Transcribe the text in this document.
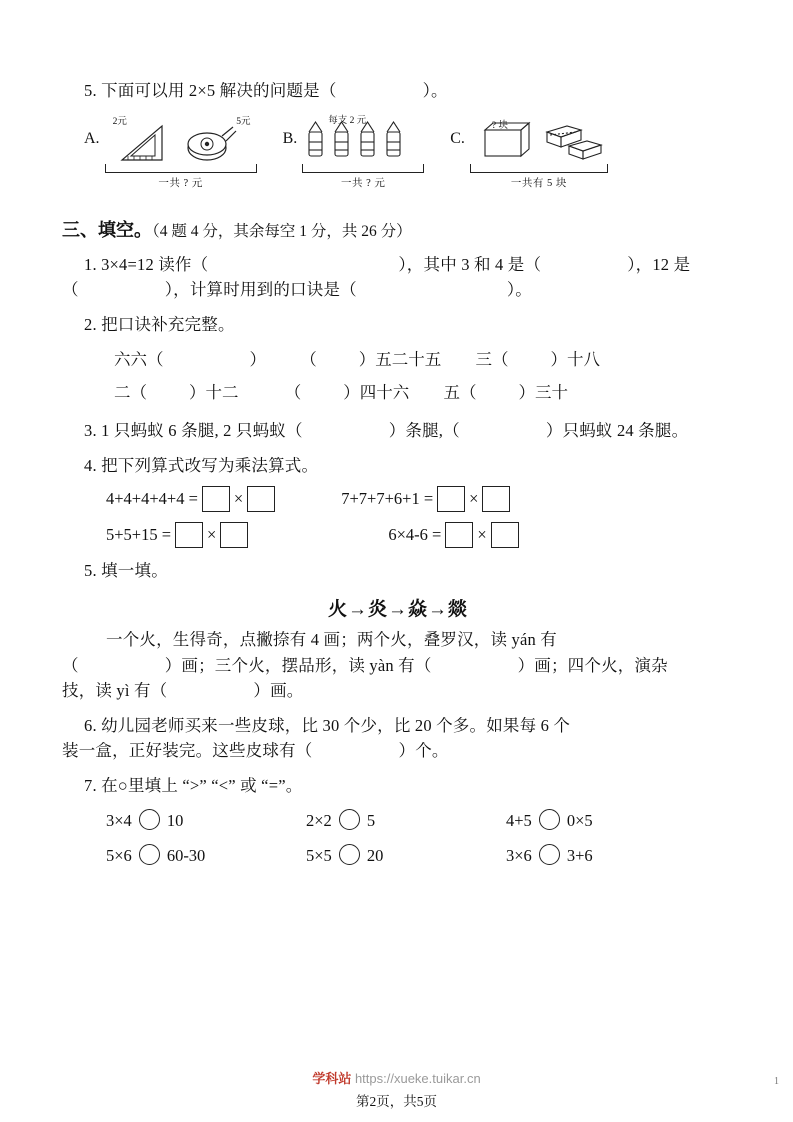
5. 下面可以用 2×5 解决的问题是（	）。
A.
2元	5元
一共 ? 元
B.
每支 2 元
一共 ? 元
C.
? 块
一共有 5 块
三、填空。（4 题 4 分，其余每空 1 分，共 26 分）
1. 3×4=12 读作（	），其中 3 和 4 是（	），12 是
（	），计算时用到的口诀是（	）。
2. 把口诀补充完整。
六六（	） （	）五二十五 三（	）十八
二（	）十二	（	）四十六 五（	）三十
3. 1 只蚂蚁 6 条腿, 2 只蚂蚁（	）条腿,（	）只蚂蚁 24 条腿。
4. 把下列算式改写为乘法算式。
4+4+4+4+4 = ×	7+7+7+6+1 = ×
5+5+15 = ×	6×4-6 = ×
5. 填一填。
火→炎→焱→燚
一个火，生得奇，点撇捺有 4 画；两个火，叠罗汉，读 yán 有
（	）画；三个火，摆品形，读 yàn 有（	）画；四个火，演杂
技，读 yì 有（	）画。
6. 幼儿园老师买来一些皮球，比 30 个少，比 20 个多。如果每 6 个
装一盒，正好装完。这些皮球有（	）个。
7. 在○里填上 “>” “<” 或 “=”。
3×4 10	2×2 5	4+5 0×5
5×6 60-30	5×5 20	3×6 3+6
学科站 https://xueke.tuikar.cn
第2页，共5页
1
